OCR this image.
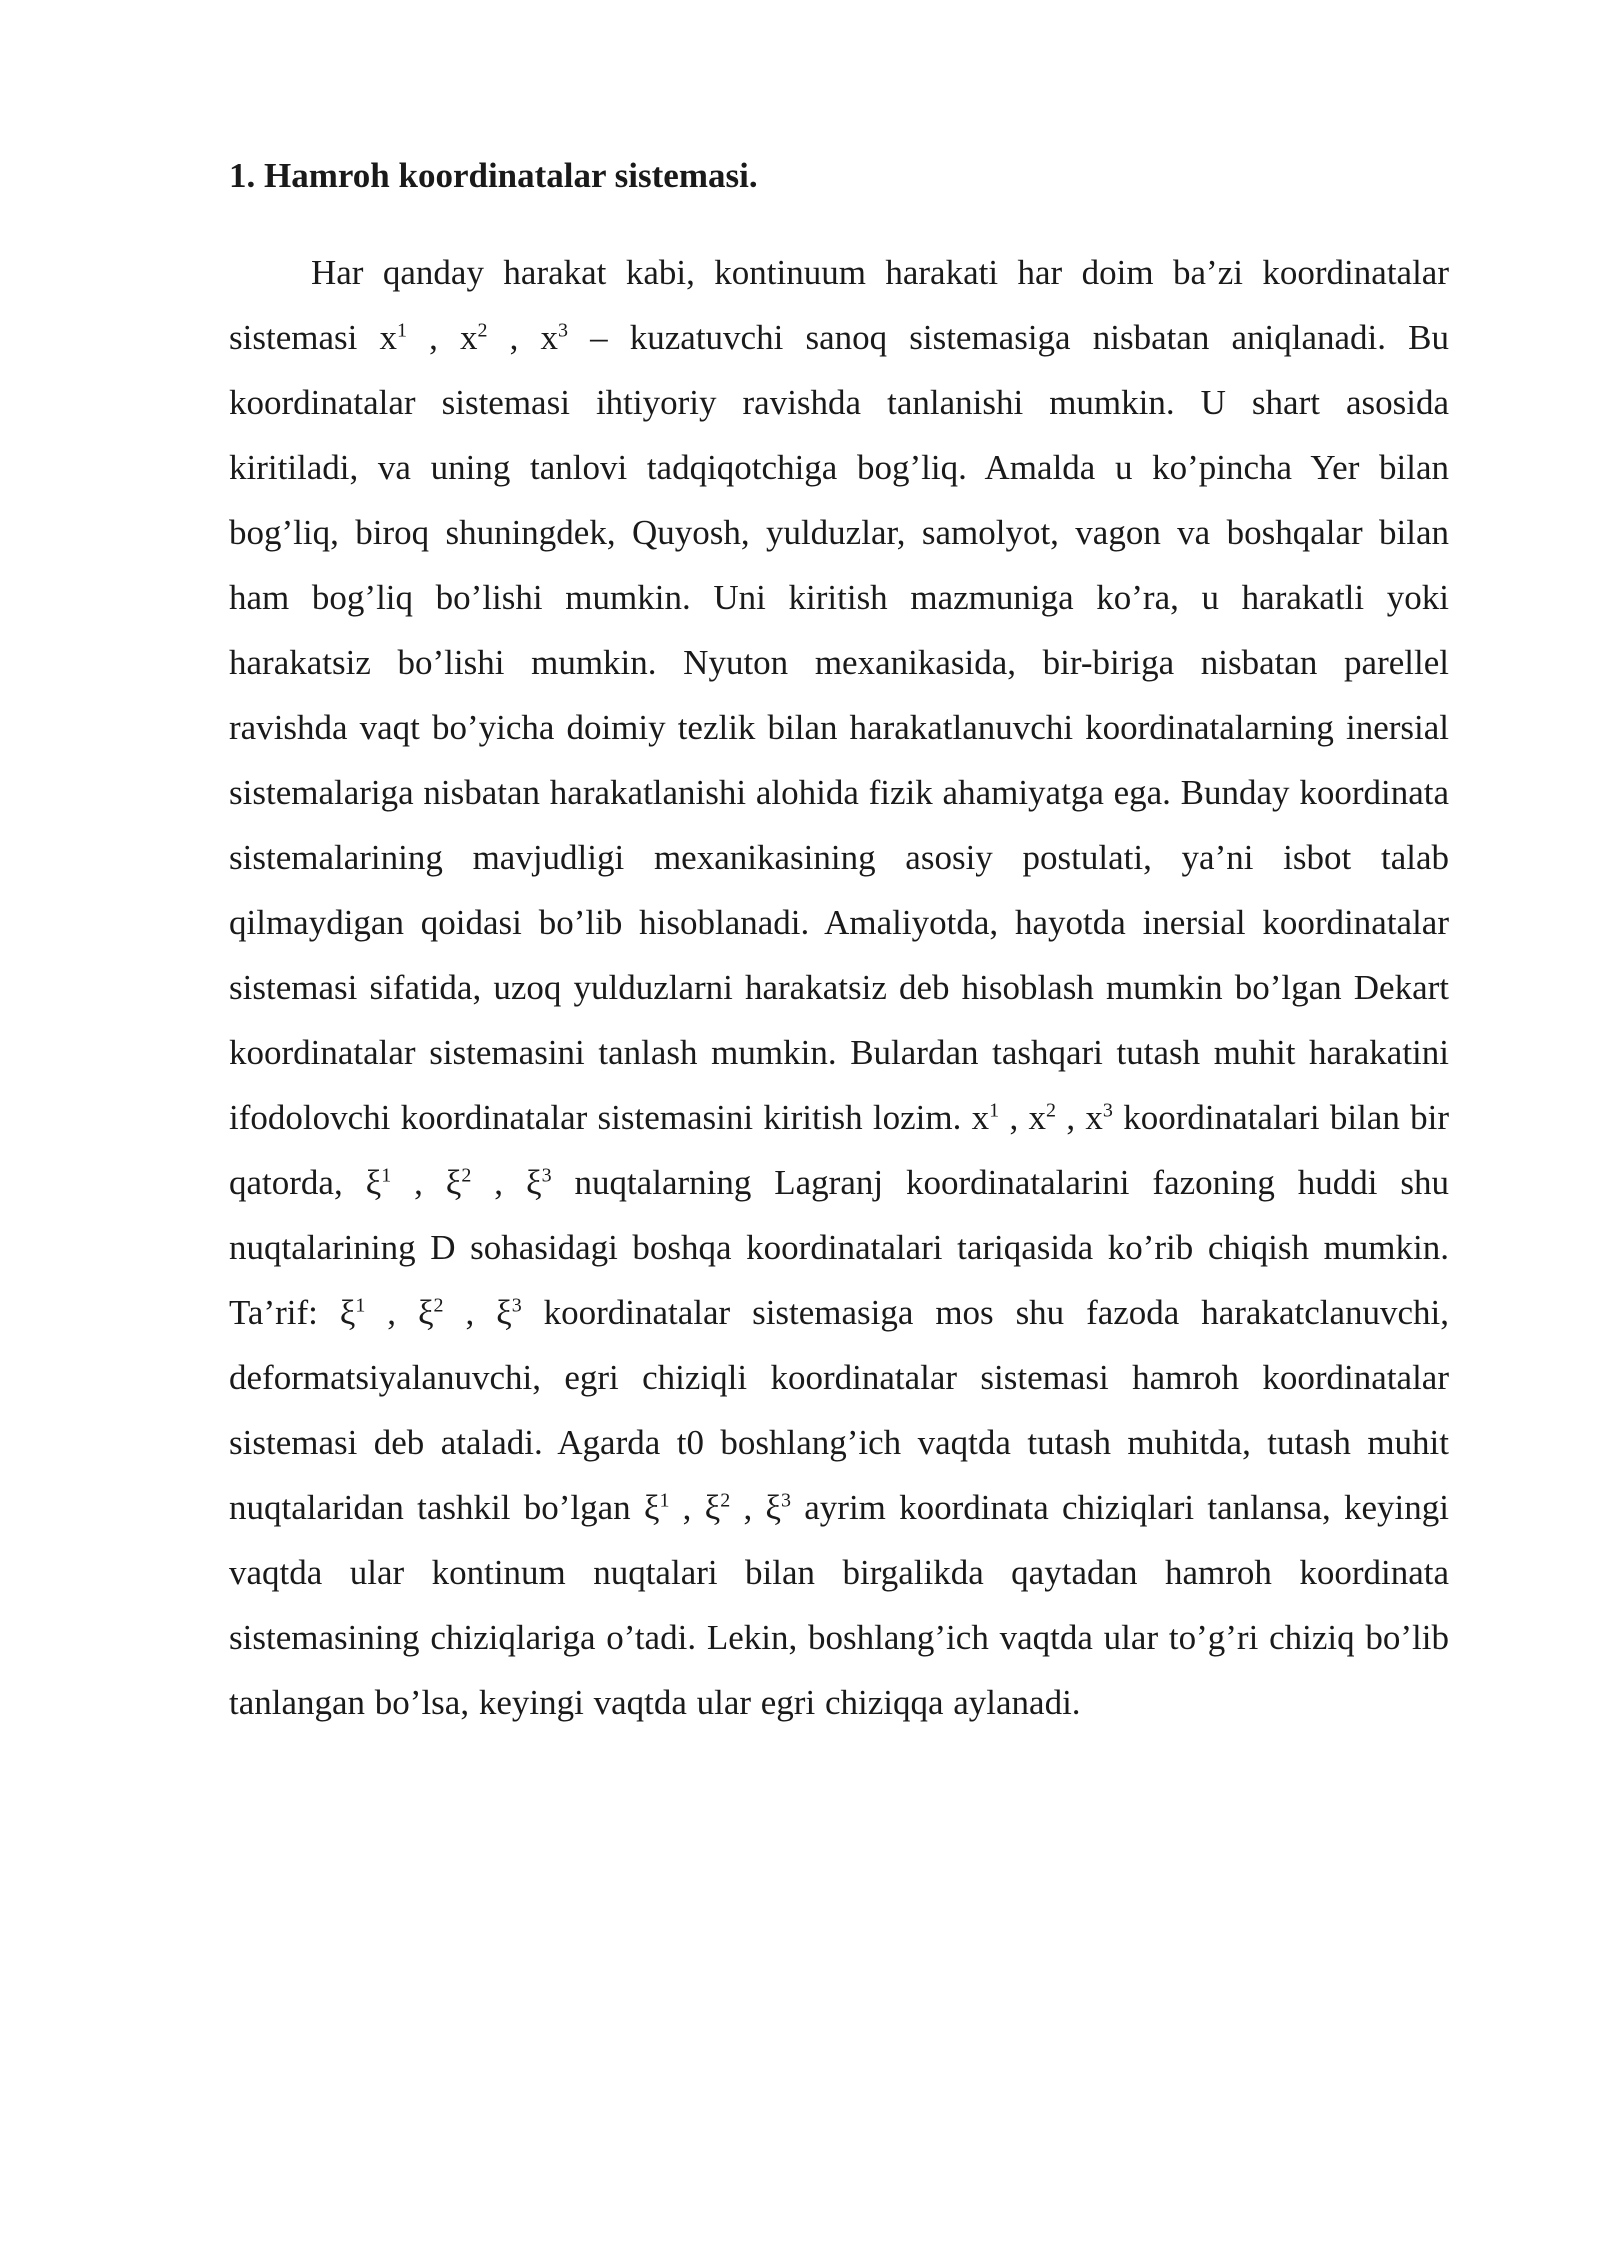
1. Hamroh koordinatalar sistemasi.

Har qanday harakat kabi, kontinuum harakati har doim ba’zi koordinatalar sistemasi $x^1$ , $x^2$ , $x^3$ – kuzatuvchi sanoq sistemasiga nisbatan aniqlanadi. Bu koordinatalar sistemasi ihtiyoriy ravishda tanlanishi mumkin. U shart asosida kiritiladi, va uning tanlovi tadqiqotchiga bog’liq. Amalda u ko’pincha Yer bilan bog’liq, biroq shuningdek, Quyosh, yulduzlar, samolyot, vagon va boshqalar bilan ham bog’liq bo’lishi mumkin. Uni kiritish mazmuniga ko’ra, u harakatli yoki harakatsiz bo’lishi mumkin. Nyuton mexanikasida, bir-biriga nisbatan parellel ravishda vaqt bo’yicha doimiy tezlik bilan harakatlanuvchi koordinatalarning inersial sistemalariga nisbatan harakatlanishi alohida fizik ahamiyatga ega. Bunday koordinata sistemalarining mavjudligi mexanikasining asosiy postulati, ya’ni isbot talab qilmaydigan qoidasi bo’lib hisoblanadi. Amaliyotda, hayotda inersial koordinatalar sistemasi sifatida, uzoq yulduzlarni harakatsiz deb hisoblash mumkin bo’lgan Dekart koordinatalar sistemasini tanlash mumkin. Bulardan tashqari tutash muhit harakatini ifodolovchi koordinatalar sistemasini kiritish lozim. $x^1$ , $x^2$ , $x^3$ koordinatalari bilan bir qatorda, $\xi^1$ , $\xi^2$ , $\xi^3$ nuqtalarning Lagranj koordinatalarini fazoning huddi shu nuqtalarining D sohasidagi boshqa koordinatalari tariqasida ko’rib chiqish mumkin. Ta’rif: $\xi^1$ , $\xi^2$ , $\xi^3$ koordinatalar sistemasiga mos shu fazoda harakatclanuvchi, deformatsiyalanuvchi, egri chiziqli koordinatalar sistemasi hamroh koordinatalar sistemasi deb ataladi. Agarda t0 boshlang’ich vaqtda tutash muhitda, tutash muhit nuqtalaridan tashkil bo’lgan $\xi^1$ , $\xi^2$ , $\xi^3$ ayrim koordinata chiziqlari tanlansa, keyingi vaqtda ular kontinum nuqtalari bilan birgalikda qaytadan hamroh koordinata sistemasining chiziqlariga o’tadi. Lekin, boshlang’ich vaqtda ular to’g’ri chiziq bo’lib tanlangan bo’lsa, keyingi vaqtda ular egri chiziqqa aylanadi.
